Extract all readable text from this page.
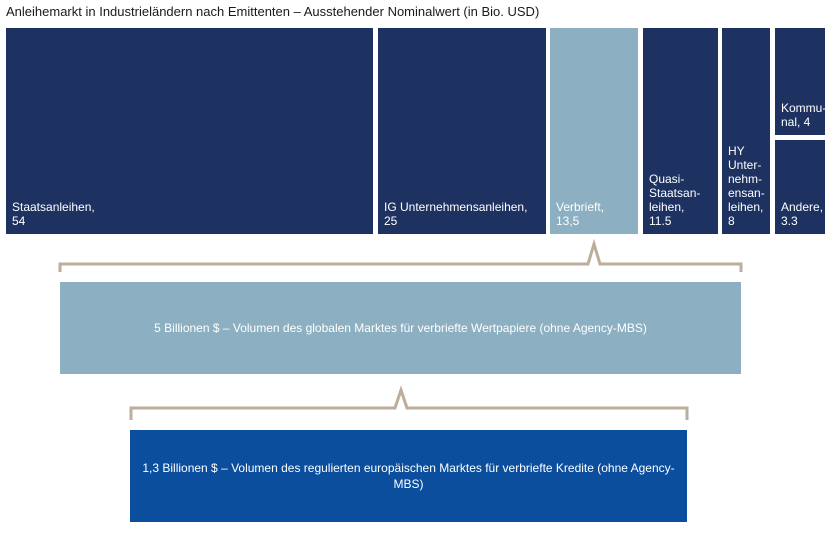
Anleihemarkt in Industrieländern nach Emittenten – Ausstehender Nominalwert (in Bio. USD)
Staatsanleihen,
54
IG Unternehmensanleihen,
25
Verbrieft,
13,5
Quasi-
Staatsan-
leihen,
11.5
HY
Unter-
nehm-
ensan-
leihen,
8
Kommu-
nal, 4
Andere,
3.3
5 Billionen $ – Volumen des globalen Marktes für verbriefte Wertpapiere (ohne Agency-MBS)
1,3 Billionen $ – Volumen des regulierten europäischen Marktes für verbriefte Kredite (ohne Agency-MBS)
